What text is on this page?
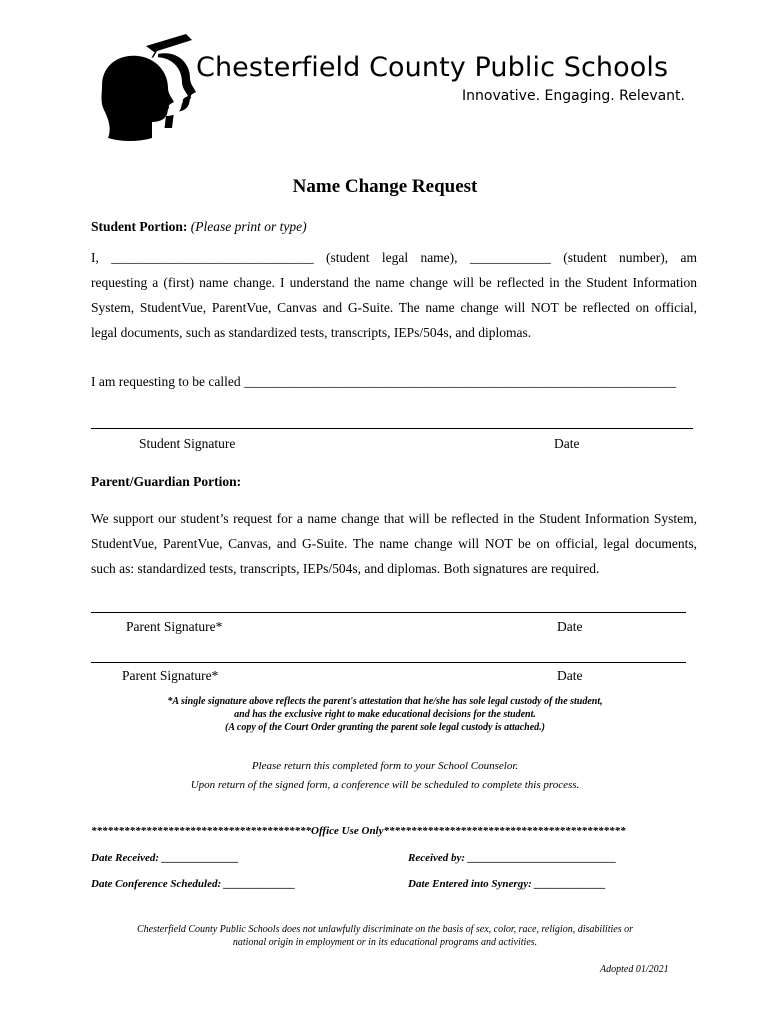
Chesterfield County Public Schools
Innovative. Engaging. Relevant.
Name Change Request
Student Portion: (Please print or type)
I, ______________________________ (student legal name), ____________ (student number), am
requesting a (first) name change. I understand the name change will be reflected in the Student Information
System, StudentVue, ParentVue, Canvas and G-Suite. The name change will NOT be reflected on official,
legal documents, such as standardized tests, transcripts, IEPs/504s, and diplomas.
I am requesting to be called ________________________________________________________________
Student Signature	Date
Parent/Guardian Portion:
We support our student’s request for a name change that will be reflected in the Student Information System,
StudentVue, ParentVue, Canvas, and G-Suite. The name change will NOT be on official, legal documents,
such as: standardized tests, transcripts, IEPs/504s, and diplomas. Both signatures are required.
Parent Signature*	Date
Parent Signature*	Date
*A single signature above reflects the parent's attestation that he/she has sole legal custody of the student,
and has the exclusive right to make educational decisions for the student.
(A copy of the Court Order granting the parent sole legal custody is attached.)
Please return this completed form to your School Counselor.
Upon return of the signed form, a conference will be scheduled to complete this process.
****************************************Office Use Only********************************************
Date Received: ______________	Received by: ___________________________
Date Conference Scheduled: _____________	Date Entered into Synergy: _____________
Chesterfield County Public Schools does not unlawfully discriminate on the basis of sex, color, race, religion, disabilities or
national origin in employment or in its educational programs and activities.
Adopted 01/2021
